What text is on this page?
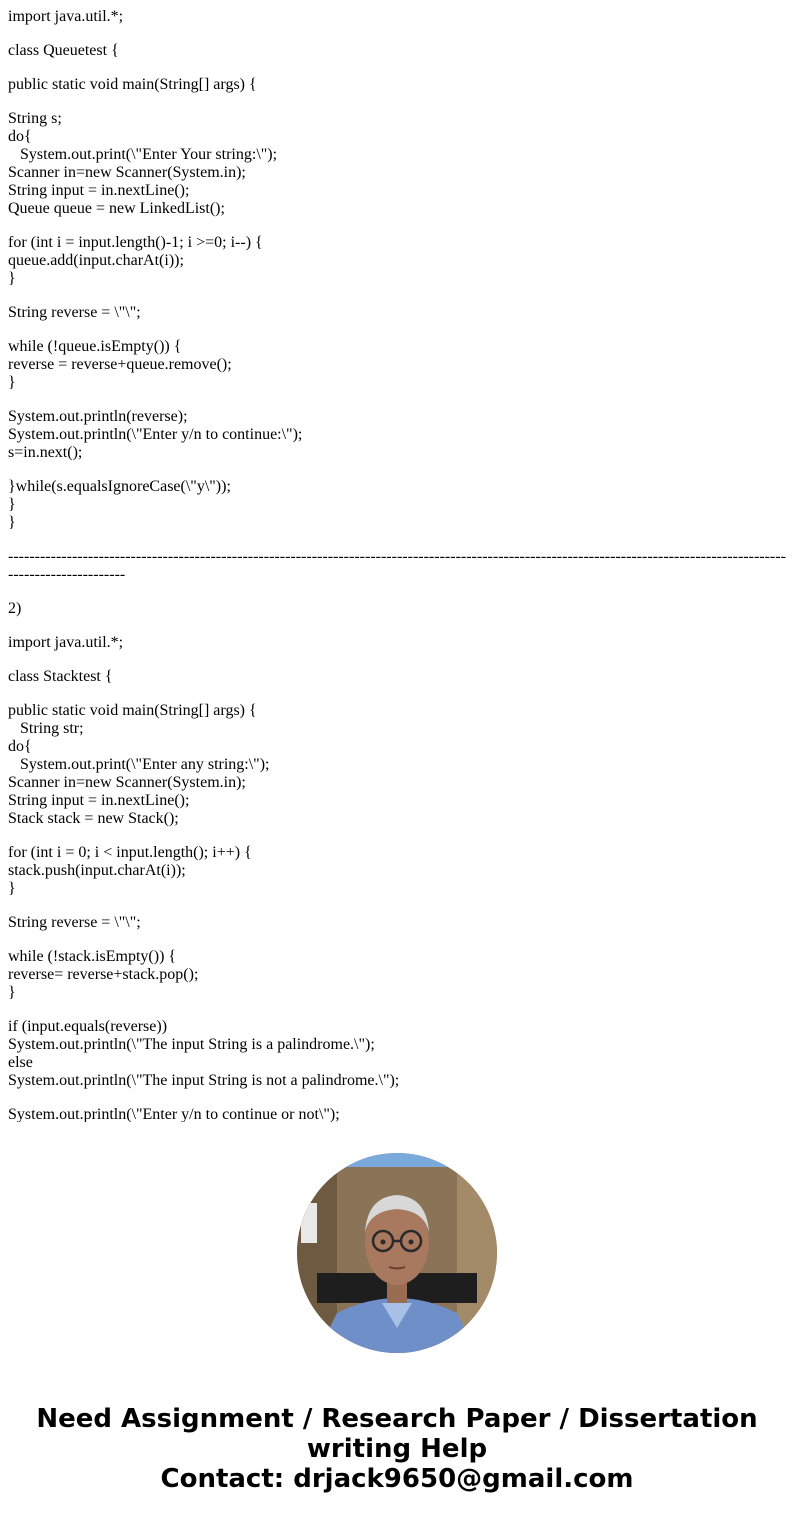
import java.util.*;
class Queuetest {
public static void main(String[] args) {
String s;
do{
System.out.print(\"Enter Your string:\");
Scanner in=new Scanner(System.in);
String input = in.nextLine();
Queue queue = new LinkedList();
for (int i = input.length()-1; i >=0; i--) {
queue.add(input.charAt(i));
}
String reverse = \"\";
while (!queue.isEmpty()) {
reverse = reverse+queue.remove();
}
System.out.println(reverse);
System.out.println(\"Enter y/n to continue:\");
s=in.next();
}while(s.equalsIgnoreCase(\"y\"));
}
}
------------------------------------------------------------------------------------------------------------------------------------------------------------------------
2)
import java.util.*;
class Stacktest {
public static void main(String[] args) {
String str;
do{
System.out.print(\"Enter any string:\");
Scanner in=new Scanner(System.in);
String input = in.nextLine();
Stack stack = new Stack();
for (int i = 0; i < input.length(); i++) {
stack.push(input.charAt(i));
}
String reverse = \"\";
while (!stack.isEmpty()) {
reverse= reverse+stack.pop();
}
if (input.equals(reverse))
System.out.println(\"The input String is a palindrome.\");
else
System.out.println(\"The input String is not a palindrome.\");
System.out.println(\"Enter y/n to continue or not\");
Need Assignment / Research Paper / Dissertation writing Help
Contact: drjack9650@gmail.com
